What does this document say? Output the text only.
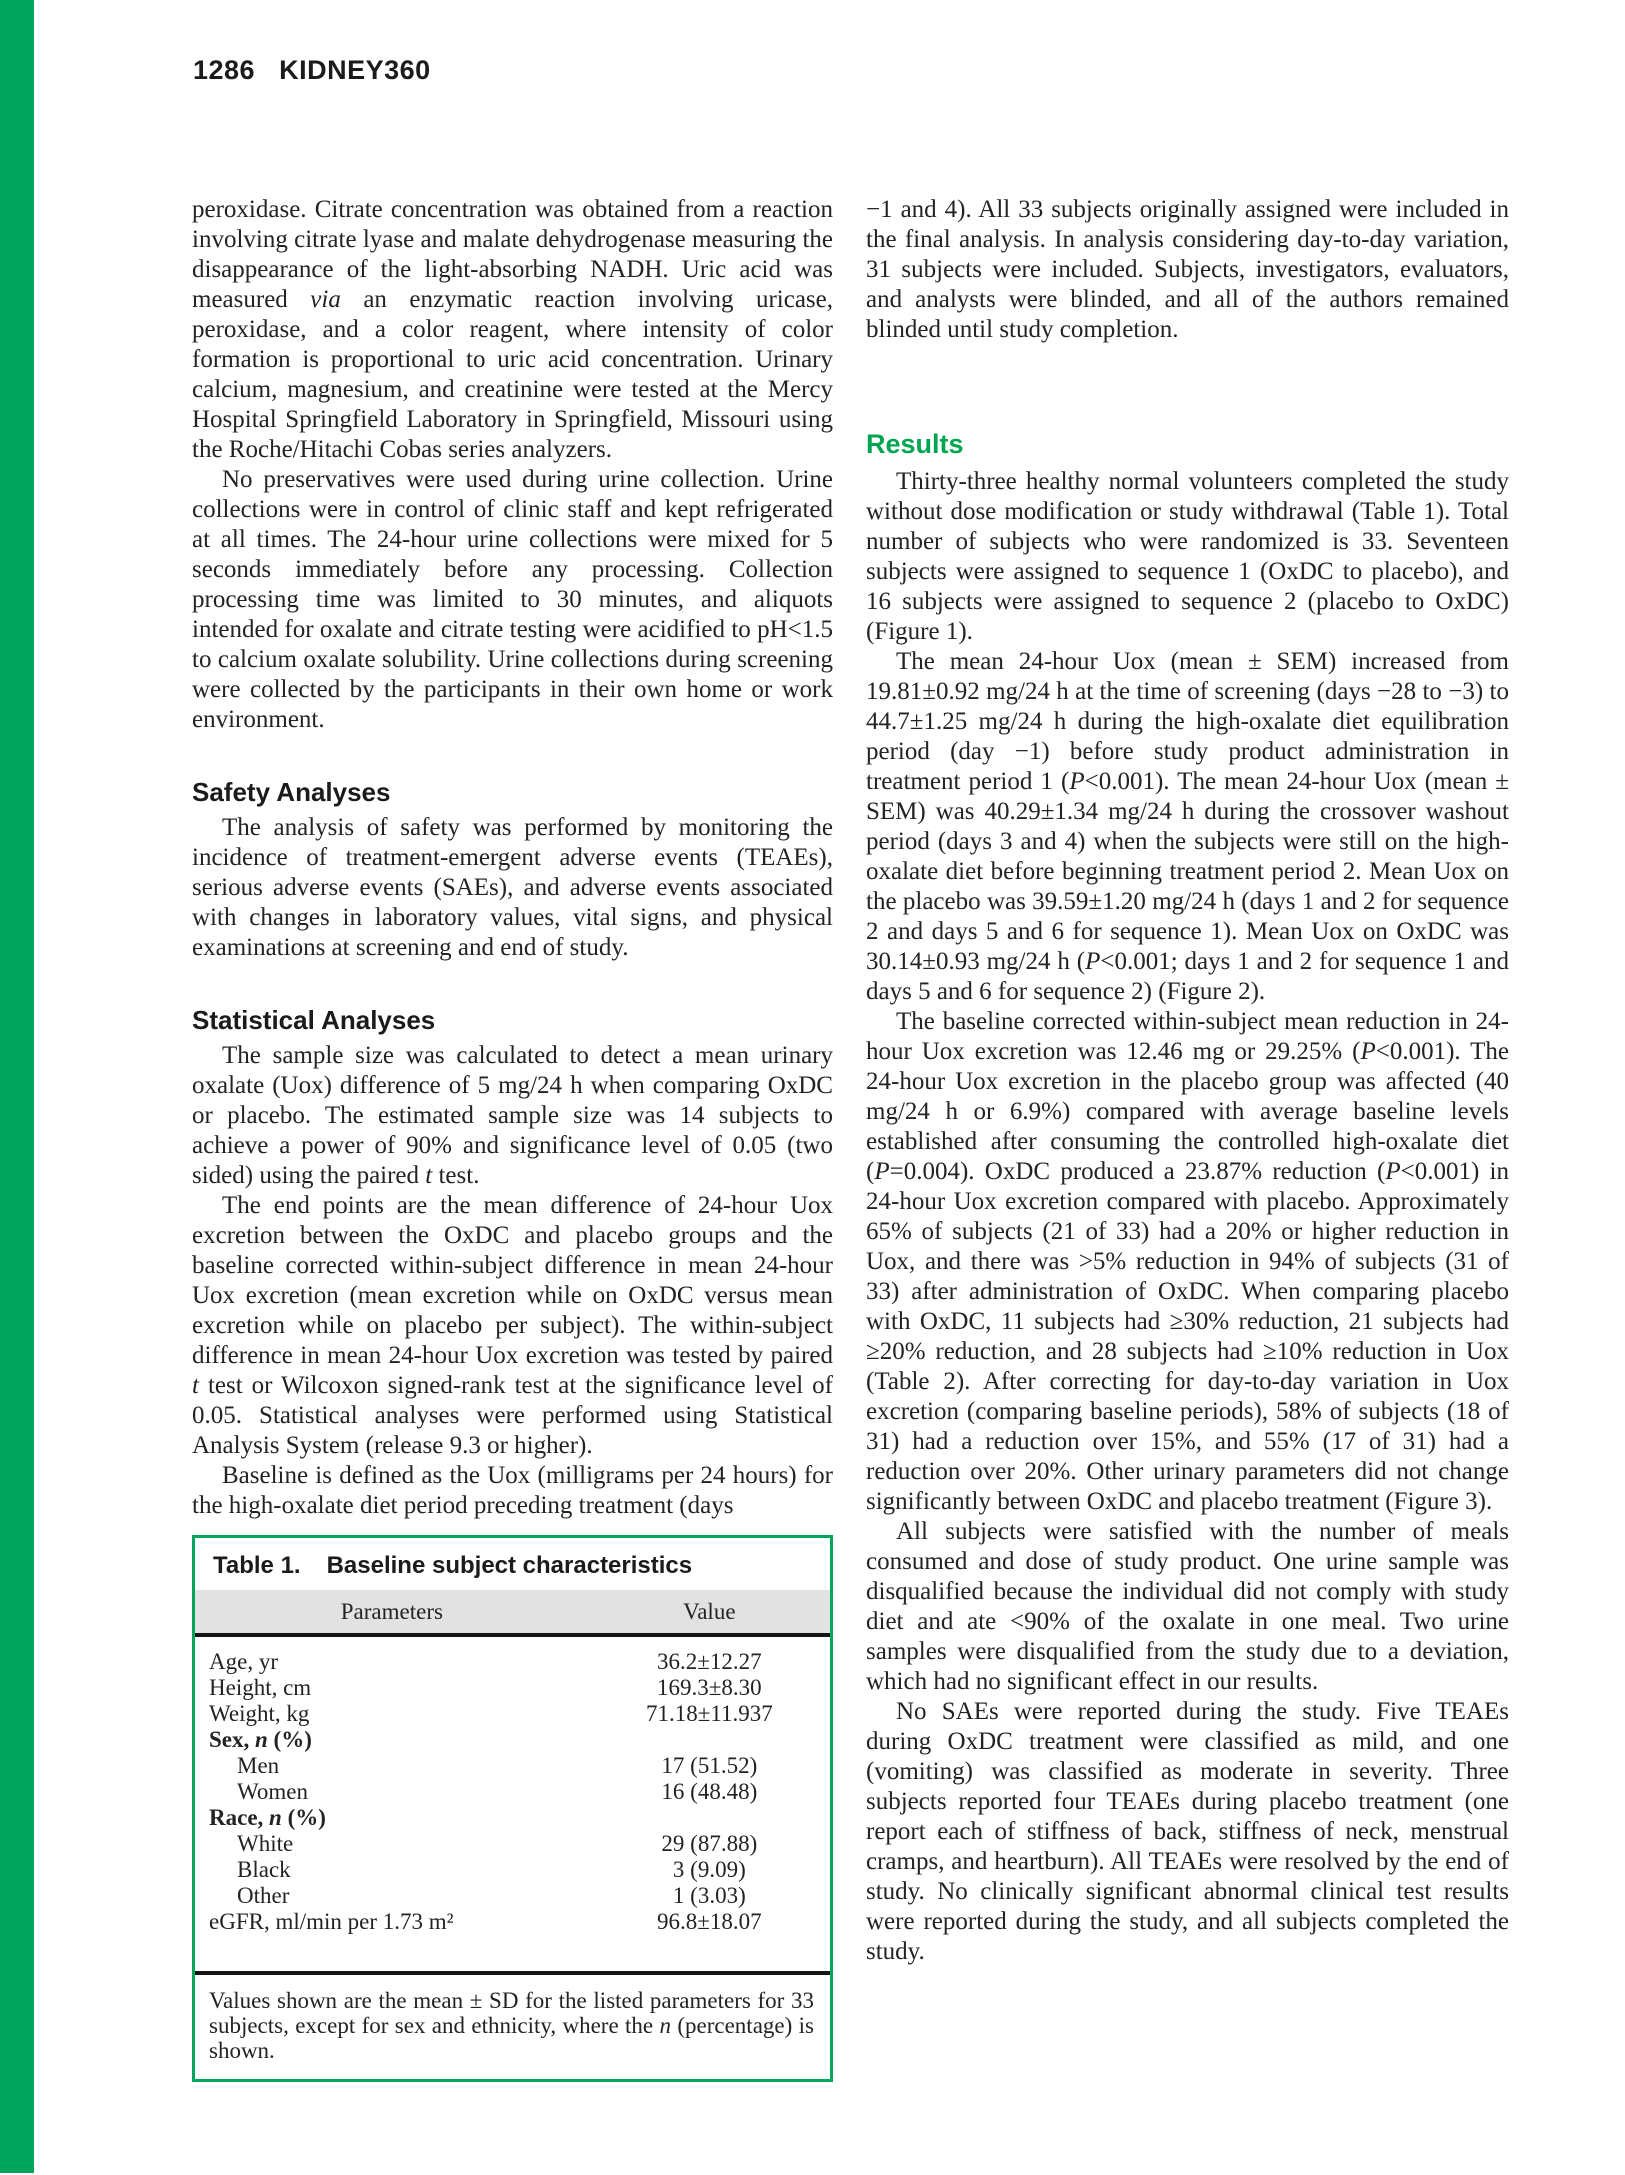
1286 KIDNEY360

peroxidase. Citrate concentration was obtained from a reaction involving citrate lyase and malate dehydrogenase measuring the disappearance of the light-absorbing NADH. Uric acid was measured via an enzymatic reaction involving uricase, peroxidase, and a color reagent, where intensity of color formation is proportional to uric acid concentration. Urinary calcium, magnesium, and creatinine were tested at the Mercy Hospital Springfield Laboratory in Springfield, Missouri using the Roche/Hitachi Cobas series analyzers.

No preservatives were used during urine collection. Urine collections were in control of clinic staff and kept refrigerated at all times. The 24-hour urine collections were mixed for 5 seconds immediately before any processing. Collection processing time was limited to 30 minutes, and aliquots intended for oxalate and citrate testing were acidified to pH<1.5 to calcium oxalate solubility. Urine collections during screening were collected by the participants in their own home or work environment.

Safety Analyses

The analysis of safety was performed by monitoring the incidence of treatment-emergent adverse events (TEAEs), serious adverse events (SAEs), and adverse events associated with changes in laboratory values, vital signs, and physical examinations at screening and end of study.

Statistical Analyses

The sample size was calculated to detect a mean urinary oxalate (Uox) difference of 5 mg/24 h when comparing OxDC or placebo. The estimated sample size was 14 subjects to achieve a power of 90% and significance level of 0.05 (two sided) using the paired t test.

The end points are the mean difference of 24-hour Uox excretion between the OxDC and placebo groups and the baseline corrected within-subject difference in mean 24-hour Uox excretion (mean excretion while on OxDC versus mean excretion while on placebo per subject). The within-subject difference in mean 24-hour Uox excretion was tested by paired t test or Wilcoxon signed-rank test at the significance level of 0.05. Statistical analyses were performed using Statistical Analysis System (release 9.3 or higher).

Baseline is defined as the Uox (milligrams per 24 hours) for the high-oxalate diet period preceding treatment (days

Table 1. Baseline subject characteristics
Parameters	Value
Age, yr	36.2±12.27
Height, cm	169.3±8.30
Weight, kg	71.18±11.937
Sex, n (%)
Men	17 (51.52)
Women	16 (48.48)
Race, n (%)
White	29 (87.88)
Black	3 (9.09)
Other	1 (3.03)
eGFR, ml/min per 1.73 m²	96.8±18.07
Values shown are the mean ± SD for the listed parameters for 33 subjects, except for sex and ethnicity, where the n (percentage) is shown.

−1 and 4). All 33 subjects originally assigned were included in the final analysis. In analysis considering day-to-day variation, 31 subjects were included. Subjects, investigators, evaluators, and analysts were blinded, and all of the authors remained blinded until study completion.

Results

Thirty-three healthy normal volunteers completed the study without dose modification or study withdrawal (Table 1). Total number of subjects who were randomized is 33. Seventeen subjects were assigned to sequence 1 (OxDC to placebo), and 16 subjects were assigned to sequence 2 (placebo to OxDC) (Figure 1).

The mean 24-hour Uox (mean ± SEM) increased from 19.81±0.92 mg/24 h at the time of screening (days −28 to −3) to 44.7±1.25 mg/24 h during the high-oxalate diet equilibration period (day −1) before study product administration in treatment period 1 (P<0.001). The mean 24-hour Uox (mean ± SEM) was 40.29±1.34 mg/24 h during the crossover washout period (days 3 and 4) when the subjects were still on the high-oxalate diet before beginning treatment period 2. Mean Uox on the placebo was 39.59±1.20 mg/24 h (days 1 and 2 for sequence 2 and days 5 and 6 for sequence 1). Mean Uox on OxDC was 30.14±0.93 mg/24 h (P<0.001; days 1 and 2 for sequence 1 and days 5 and 6 for sequence 2) (Figure 2).

The baseline corrected within-subject mean reduction in 24-hour Uox excretion was 12.46 mg or 29.25% (P<0.001). The 24-hour Uox excretion in the placebo group was affected (40 mg/24 h or 6.9%) compared with average baseline levels established after consuming the controlled high-oxalate diet (P=0.004). OxDC produced a 23.87% reduction (P<0.001) in 24-hour Uox excretion compared with placebo. Approximately 65% of subjects (21 of 33) had a 20% or higher reduction in Uox, and there was >5% reduction in 94% of subjects (31 of 33) after administration of OxDC. When comparing placebo with OxDC, 11 subjects had ≥30% reduction, 21 subjects had ≥20% reduction, and 28 subjects had ≥10% reduction in Uox (Table 2). After correcting for day-to-day variation in Uox excretion (comparing baseline periods), 58% of subjects (18 of 31) had a reduction over 15%, and 55% (17 of 31) had a reduction over 20%. Other urinary parameters did not change significantly between OxDC and placebo treatment (Figure 3).

All subjects were satisfied with the number of meals consumed and dose of study product. One urine sample was disqualified because the individual did not comply with study diet and ate <90% of the oxalate in one meal. Two urine samples were disqualified from the study due to a deviation, which had no significant effect in our results.

No SAEs were reported during the study. Five TEAEs during OxDC treatment were classified as mild, and one (vomiting) was classified as moderate in severity. Three subjects reported four TEAEs during placebo treatment (one report each of stiffness of back, stiffness of neck, menstrual cramps, and heartburn). All TEAEs were resolved by the end of study. No clinically significant abnormal clinical test results were reported during the study, and all subjects completed the study.
